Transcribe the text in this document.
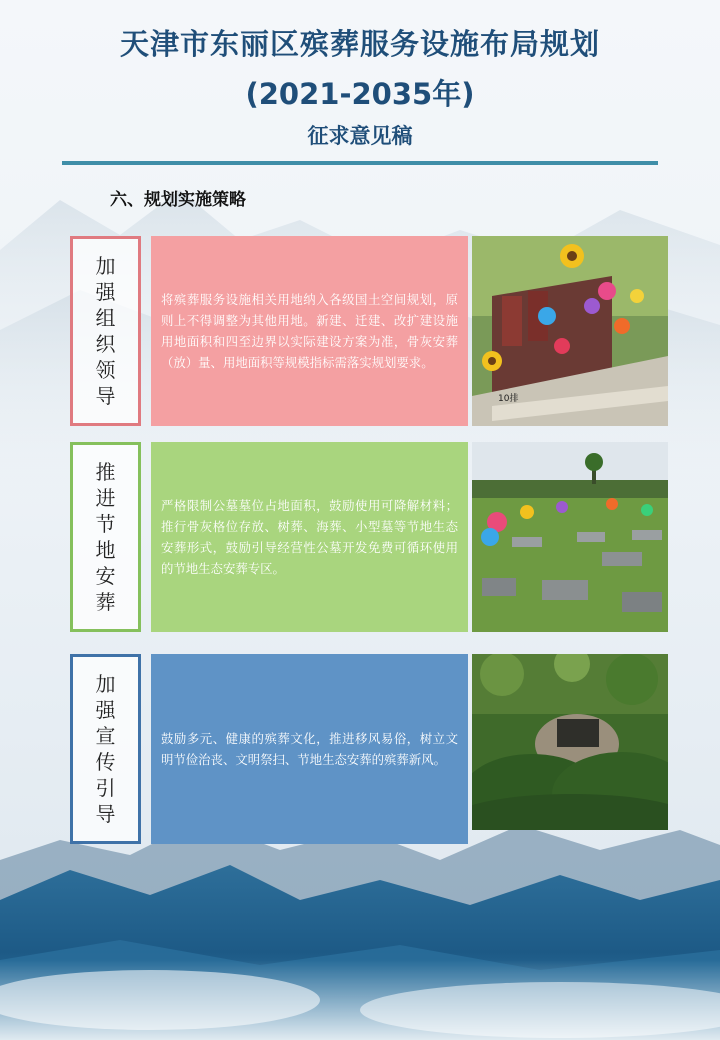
天津市东丽区殡葬服务设施布局规划
(2021-2035年)
征求意见稿
六、规划实施策略
加
强
组
织
领
导

将殡葬服务设施相关用地纳入各级国土空间规划，原则上不得调整为其他用地。新建、迁建、改扩建设施用地面积和四至边界以实际建设方案为准，骨灰安葬（放）量、用地面积等规模指标需落实规划要求。

10排
推
进
节
地
安
葬

严格限制公墓墓位占地面积，鼓励使用可降解材料；推行骨灰格位存放、树葬、海葬、小型墓等节地生态安葬形式，鼓励引导经营性公墓开发免费可循环使用的节地生态安葬专区。

加
强
宣
传
引
导

鼓励多元、健康的殡葬文化，推进移风易俗，树立文明节俭治丧、文明祭扫、节地生态安葬的殡葬新风。
